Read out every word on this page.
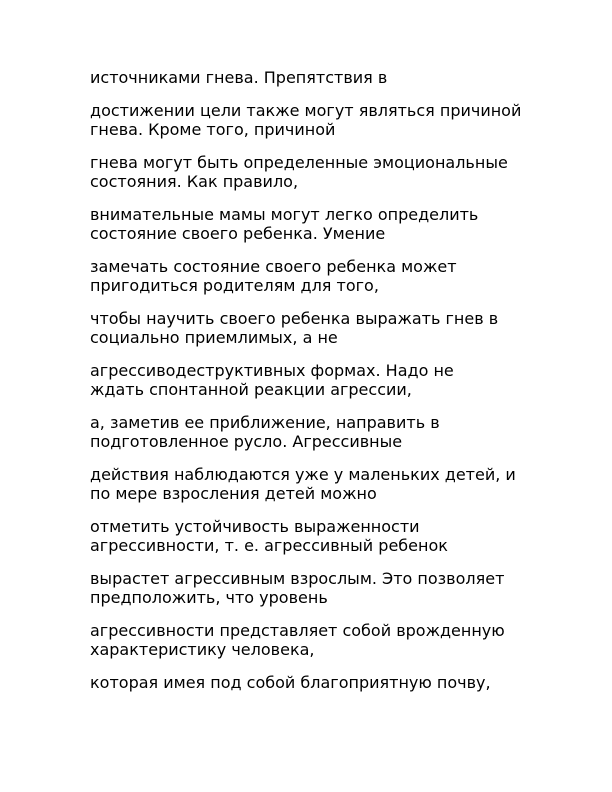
источниками гнева. Препятствия в

достижении цели также могут являться причиной
гнева. Кроме того, причиной

гнева могут быть определенные эмоциональные
состояния. Как правило,

внимательные мамы могут легко определить
состояние своего ребенка. Умение

замечать состояние своего ребенка может
пригодиться родителям для того,

чтобы научить своего ребенка выражать гнев в
социально приемлимых, а не

агрессиводеструктивных формах. Надо не
ждать спонтанной реакции агрессии,

а, заметив ее приближение, направить в
подготовленное русло. Агрессивные

действия наблюдаются уже у маленьких детей, и
по мере взросления детей можно

отметить устойчивость выраженности
агрессивности, т. е. агрессивный ребенок

вырастет агрессивным взрослым. Это позволяет
предположить, что уровень

агрессивности представляет собой врожденную
характеристику человека,

которая имея под собой благоприятную почву,
